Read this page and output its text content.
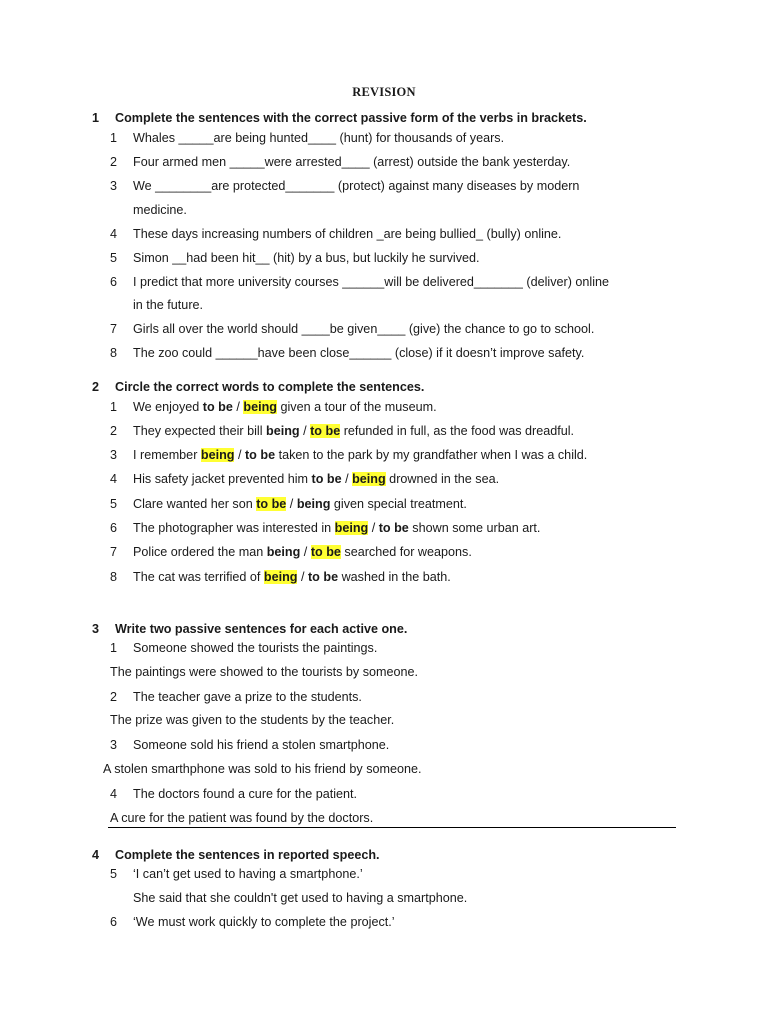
REVISION
1 Complete the sentences with the correct passive form of the verbs in brackets.
1 Whales _____are being hunted____ (hunt) for thousands of years.
2 Four armed men _____were arrested____ (arrest) outside the bank yesterday.
3 We ________are protected_______ (protect) against many diseases by modern
medicine.
4 These days increasing numbers of children _are being bullied_ (bully) online.
5 Simon __had been hit__ (hit) by a bus, but luckily he survived.
6 I predict that more university courses ______will be delivered_______ (deliver) online
in the future.
7 Girls all over the world should ____be given____ (give) the chance to go to school.
8 The zoo could ______have been close______ (close) if it doesn’t improve safety.
2 Circle the correct words to complete the sentences.
1 We enjoyed to be / being given a tour of the museum.
2 They expected their bill being / to be refunded in full, as the food was dreadful.
3 I remember being / to be taken to the park by my grandfather when I was a child.
4 His safety jacket prevented him to be / being drowned in the sea.
5 Clare wanted her son to be / being given special treatment.
6 The photographer was interested in being / to be shown some urban art.
7 Police ordered the man being / to be searched for weapons.
8 The cat was terrified of being / to be washed in the bath.
3 Write two passive sentences for each active one.
1 Someone showed the tourists the paintings.
The paintings were showed to the tourists by someone.
2 The teacher gave a prize to the students.
The prize was given to the students by the teacher.
3 Someone sold his friend a stolen smartphone.
A stolen smarthphone was sold to his friend by someone.
4 The doctors found a cure for the patient.
A cure for the patient was found by the doctors.
4 Complete the sentences in reported speech.
5 ‘I can’t get used to having a smartphone.’
She said that she couldn't get used to having a smartphone.
6 ‘We must work quickly to complete the project.’
